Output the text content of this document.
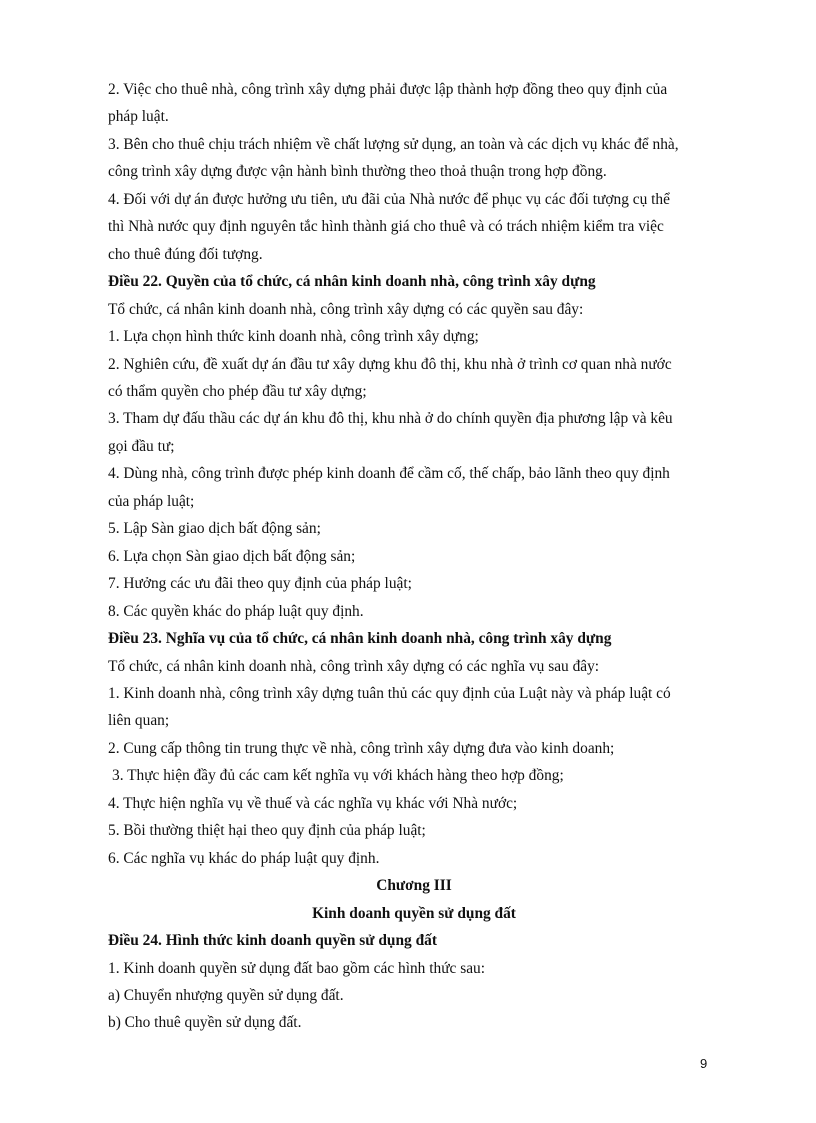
2. Việc cho thuê nhà, công trình xây dựng phải được lập thành hợp đồng theo quy định của
pháp luật.
3. Bên cho thuê chịu trách nhiệm về chất lượng sử dụng, an toàn và các dịch vụ khác để nhà,
công trình xây dựng được vận hành bình thường theo thoả thuận trong hợp đồng.
4. Đối với dự án được hưởng ưu tiên, ưu đãi của Nhà nước để phục vụ các đối tượng cụ thể
thì Nhà nước quy định nguyên tắc hình thành giá cho thuê và có trách nhiệm kiểm tra việc
cho thuê đúng đối tượng.
Điều 22. Quyền của tổ chức, cá nhân kinh doanh nhà, công trình xây dựng
Tổ chức, cá nhân kinh doanh nhà, công trình xây dựng có các quyền sau đây:
1. Lựa chọn hình thức kinh doanh nhà, công trình xây dựng;
2. Nghiên cứu, đề xuất dự án đầu tư xây dựng khu đô thị, khu nhà ở trình cơ quan nhà nước
có thẩm quyền cho phép đầu tư xây dựng;
3. Tham dự đấu thầu các dự án khu đô thị, khu nhà ở do chính quyền địa phương lập và kêu
gọi đầu tư;
4. Dùng nhà, công trình được phép kinh doanh để cầm cố, thế chấp, bảo lãnh theo quy định
của pháp luật;
5. Lập Sàn giao dịch bất động sản;
6. Lựa chọn Sàn giao dịch bất động sản;
7. Hưởng các ưu đãi theo quy định của pháp luật;
8. Các quyền khác do pháp luật quy định.
Điều 23. Nghĩa vụ của tổ chức, cá nhân kinh doanh nhà, công trình xây dựng
Tổ chức, cá nhân kinh doanh nhà, công trình xây dựng có các nghĩa vụ sau đây:
1. Kinh doanh nhà, công trình xây dựng tuân thủ các quy định của Luật này và pháp luật có
liên quan;
2. Cung cấp thông tin trung thực về nhà, công trình xây dựng đưa vào kinh doanh;
3. Thực hiện đầy đủ các cam kết nghĩa vụ với khách hàng theo hợp đồng;
4. Thực hiện nghĩa vụ về thuế và các nghĩa vụ khác với Nhà nước;
5. Bồi thường thiệt hại theo quy định của pháp luật;
6. Các nghĩa vụ khác do pháp luật quy định.
Chương III
Kinh doanh quyền sử dụng đất
Điều 24. Hình thức kinh doanh quyền sử dụng đất
1. Kinh doanh quyền sử dụng đất bao gồm các hình thức sau:
a) Chuyển nhượng quyền sử dụng đất.
b) Cho thuê quyền sử dụng đất.
9
